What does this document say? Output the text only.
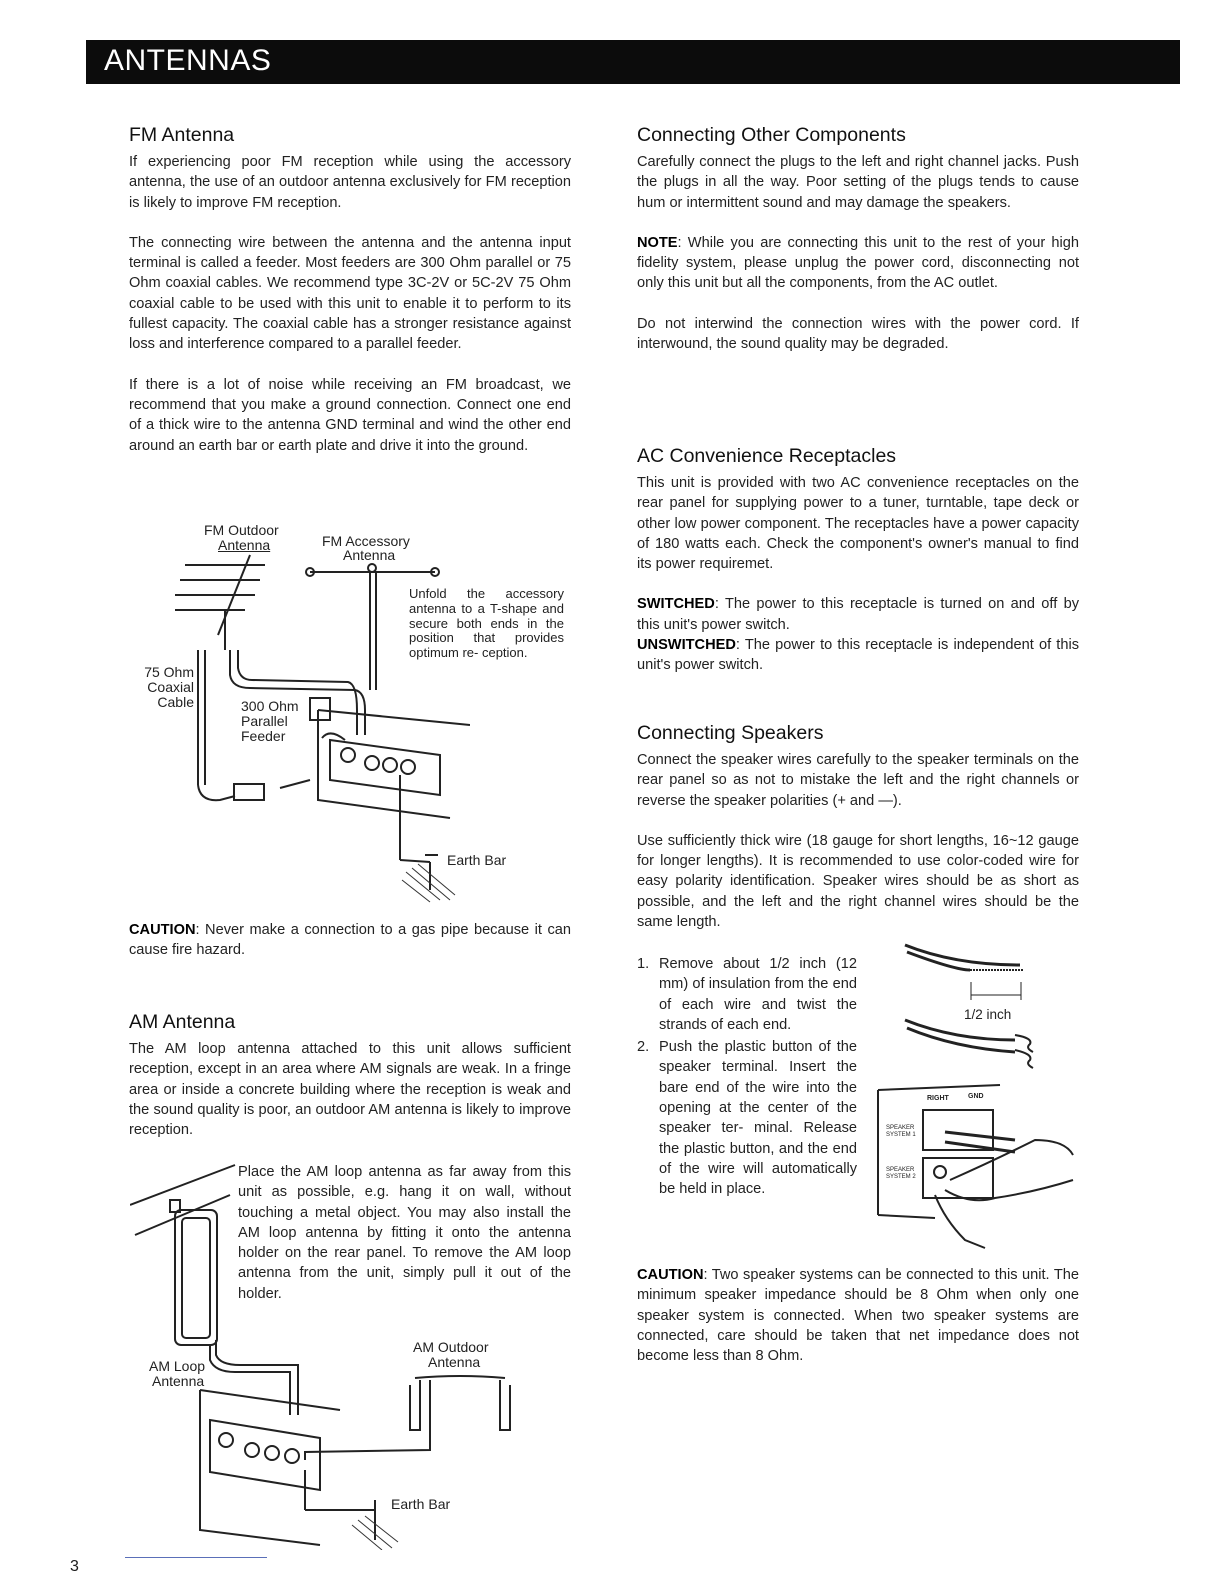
ANTENNAS
FM Antenna

If experiencing poor FM reception while using the accessory antenna, the use of an outdoor antenna exclusively for FM reception is likely to improve FM reception.

The connecting wire between the antenna and the antenna input terminal is called a feeder. Most feeders are 300 Ohm parallel or 75 Ohm coaxial cables. We recommend type 3C-2V or 5C-2V 75 Ohm coaxial cable to be used with this unit to enable it to perform to its fullest capacity. The coaxial cable has a stronger resistance against loss and interference compared to a parallel feeder.

If there is a lot of noise while receiving an FM broadcast, we recommend that you make a ground connection. Connect one end of a thick wire to the antenna GND terminal and wind the other end around an earth bar or earth plate and drive it into the ground.

FM Outdoor
Antenna	FM Accessory
Antenna
Unfold the accessory antenna to a T-shape and secure both ends in the position that provides optimum re- ception.
75 Ohm
Coaxial
Cable	300 Ohm
Parallel
Feeder
Earth Bar

CAUTION: Never make a connection to a gas pipe because it can cause fire hazard.

AM Antenna

The AM loop antenna attached to this unit allows sufficient reception, except in an area where AM signals are weak. In a fringe area or inside a concrete building where the reception is weak and the sound quality is poor, an outdoor AM antenna is likely to improve reception.

Place the AM loop antenna as far away from this unit as possible, e.g. hang it on wall, without touching a metal object. You may also install the AM loop antenna by fitting it onto the antenna holder on the rear panel. To remove the AM loop antenna from the unit, simply pull it out of the holder.

AM Outdoor
Antenna
AM Loop
Antenna
Earth Bar
Connecting Other Components

Carefully connect the plugs to the left and right channel jacks. Push the plugs in all the way. Poor setting of the plugs tends to cause hum or intermittent sound and may damage the speakers.

NOTE: While you are connecting this unit to the rest of your high fidelity system, please unplug the power cord, disconnecting not only this unit but all the components, from the AC outlet.

Do not interwind the connection wires with the power cord. If interwound, the sound quality may be degraded.

AC Convenience Receptacles

This unit is provided with two AC convenience receptacles on the rear panel for supplying power to a tuner, turntable, tape deck or other low power component. The receptacles have a power capacity of 180 watts each. Check the component's owner's manual to find its power requiremet.

SWITCHED: The power to this receptacle is turned on and off by this unit's power switch.

UNSWITCHED: The power to this receptacle is independent of this unit's power switch.

Connecting Speakers

Connect the speaker wires carefully to the speaker terminals on the rear panel so as not to mistake the left and the right channels or reverse the speaker polarities (+ and —).

Use sufficiently thick wire (18 gauge for short lengths, 16~12 gauge for longer lengths). It is recommended to use color-coded wire for easy polarity identification. Speaker wires should be as short as possible, and the left and the right channel wires should be the same length.

1. Remove about 1/2 inch (12 mm) of insulation from the end of each wire and twist the strands of each end.
2. Push the plastic button of the speaker terminal. Insert the bare end of the wire into the opening at the center of the speaker ter- minal. Release the plastic button, and the end of the wire will automatically be held in place.
1/2 inch
RIGHT	GND
SPEAKER
SYSTEM 1
SPEAKER
SYSTEM 2

CAUTION: Two speaker systems can be connected to this unit. The minimum speaker impedance should be 8 Ohm when only one speaker system is connected. When two speaker systems are connected, care should be taken that net impedance does not become less than 8 Ohm.

3
